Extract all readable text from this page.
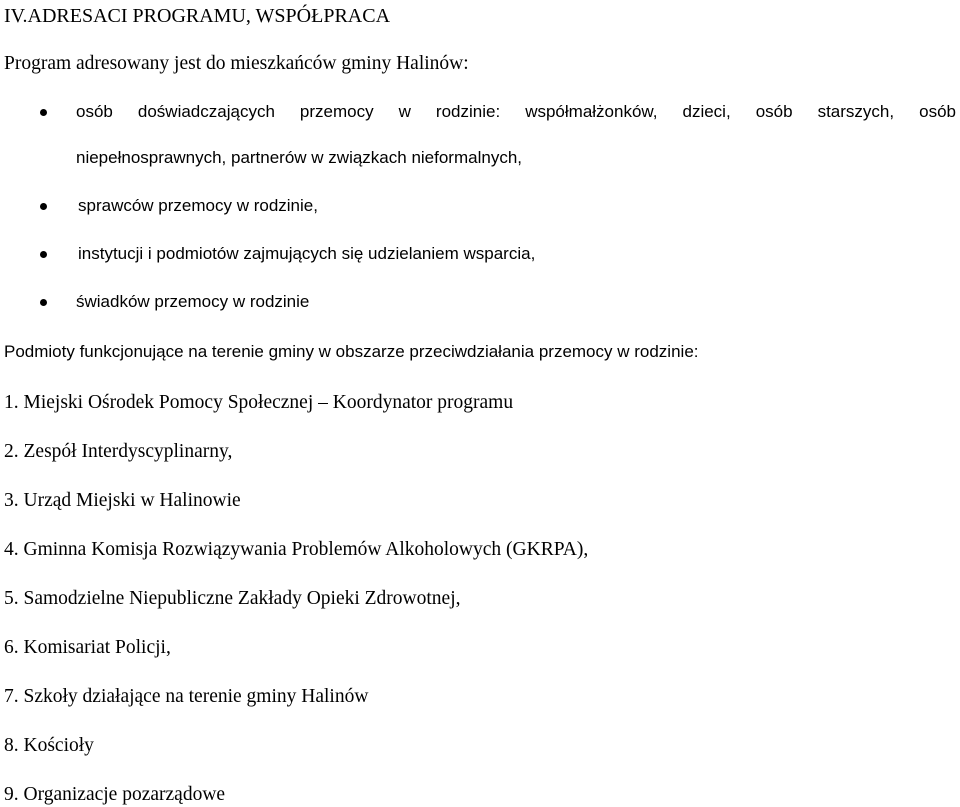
IV.ADRESACI PROGRAMU, WSPÓŁPRACA
Program adresowany jest do mieszkańców gminy Halinów:
osób doświadczających przemocy w rodzinie: współmałżonków, dzieci, osób starszych, osób
niepełnosprawnych, partnerów w związkach nieformalnych,
sprawców przemocy w rodzinie,
instytucji i podmiotów zajmujących się udzielaniem wsparcia,
świadków przemocy w rodzinie
Podmioty funkcjonujące na terenie gminy w obszarze przeciwdziałania przemocy w rodzinie:
1. Miejski Ośrodek Pomocy Społecznej – Koordynator programu
2. Zespół Interdyscyplinarny,
3. Urząd Miejski w Halinowie
4. Gminna Komisja Rozwiązywania Problemów Alkoholowych (GKRPA),
5. Samodzielne Niepubliczne Zakłady Opieki Zdrowotnej,
6. Komisariat Policji,
7. Szkoły działające na terenie gminy Halinów
8. Kościoły
9. Organizacje pozarządowe
